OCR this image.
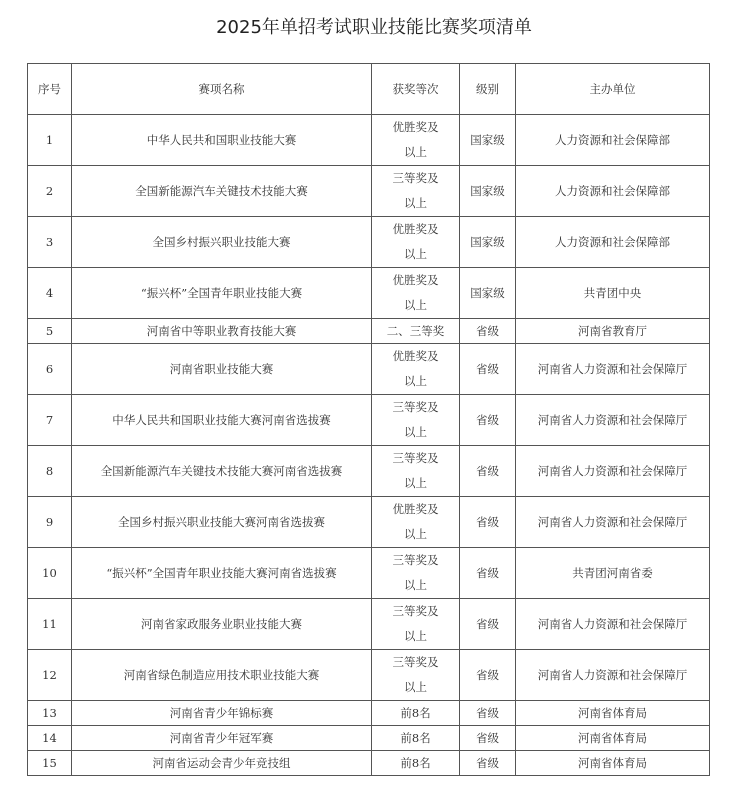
2025年单招考试职业技能比赛奖项清单
序号	赛项名称	获奖等次	级别	主办单位
1	中华人民共和国职业技能大赛	优胜奖及以上	国家级	人力资源和社会保障部
2	全国新能源汽车关键技术技能大赛	三等奖及以上	国家级	人力资源和社会保障部
3	全国乡村振兴职业技能大赛	优胜奖及以上	国家级	人力资源和社会保障部
4	“振兴杯”全国青年职业技能大赛	优胜奖及以上	国家级	共青团中央
5	河南省中等职业教育技能大赛	二、三等奖	省级	河南省教育厅
6	河南省职业技能大赛	优胜奖及以上	省级	河南省人力资源和社会保障厅
7	中华人民共和国职业技能大赛河南省选拔赛	三等奖及以上	省级	河南省人力资源和社会保障厅
8	全国新能源汽车关键技术技能大赛河南省选拔赛	三等奖及以上	省级	河南省人力资源和社会保障厅
9	全国乡村振兴职业技能大赛河南省选拔赛	优胜奖及以上	省级	河南省人力资源和社会保障厅
10	“振兴杯”全国青年职业技能大赛河南省选拔赛	三等奖及以上	省级	共青团河南省委
11	河南省家政服务业职业技能大赛	三等奖及以上	省级	河南省人力资源和社会保障厅
12	河南省绿色制造应用技术职业技能大赛	三等奖及以上	省级	河南省人力资源和社会保障厅
13	河南省青少年锦标赛	前8名	省级	河南省体育局
14	河南省青少年冠军赛	前8名	省级	河南省体育局
15	河南省运动会青少年竞技组	前8名	省级	河南省体育局
